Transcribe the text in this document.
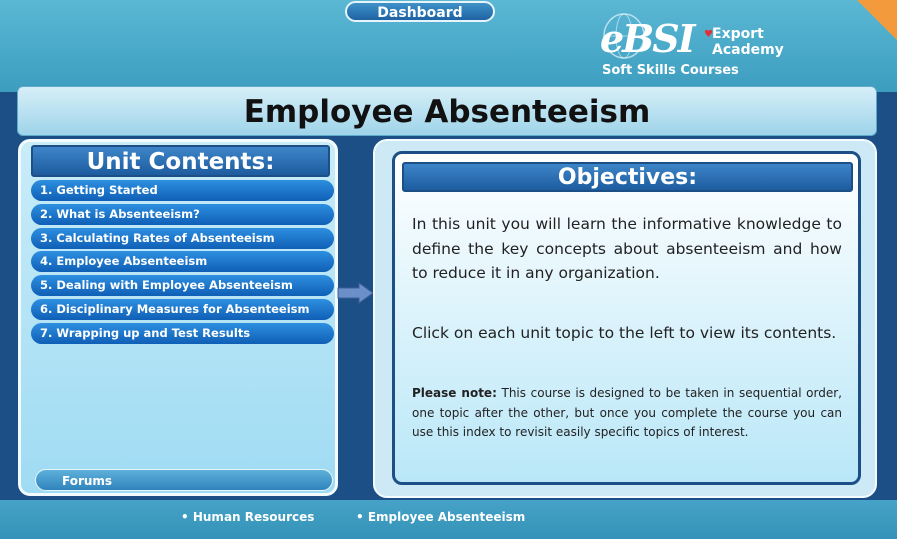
Dashboard
eBSI ♥ Export
Academy
Soft Skills Courses
Employee Absenteeism
Unit Contents:
1. Getting Started
2. What is Absenteeism?
3. Calculating Rates of Absenteeism
4. Employee Absenteeism
5. Dealing with Employee Absenteeism
6. Disciplinary Measures for Absenteeism
7. Wrapping up and Test Results
Forums
Objectives:

In this unit you will learn the informative knowledge to define the key concepts about absenteeism and how to reduce it in any organization.

Click on each unit topic to the left to view its contents.

Please note: This course is designed to be taken in sequential order, one topic after the other, but once you complete the course you can use this index to revisit easily specific topics of interest.

• Human Resources	• Employee Absenteeism
